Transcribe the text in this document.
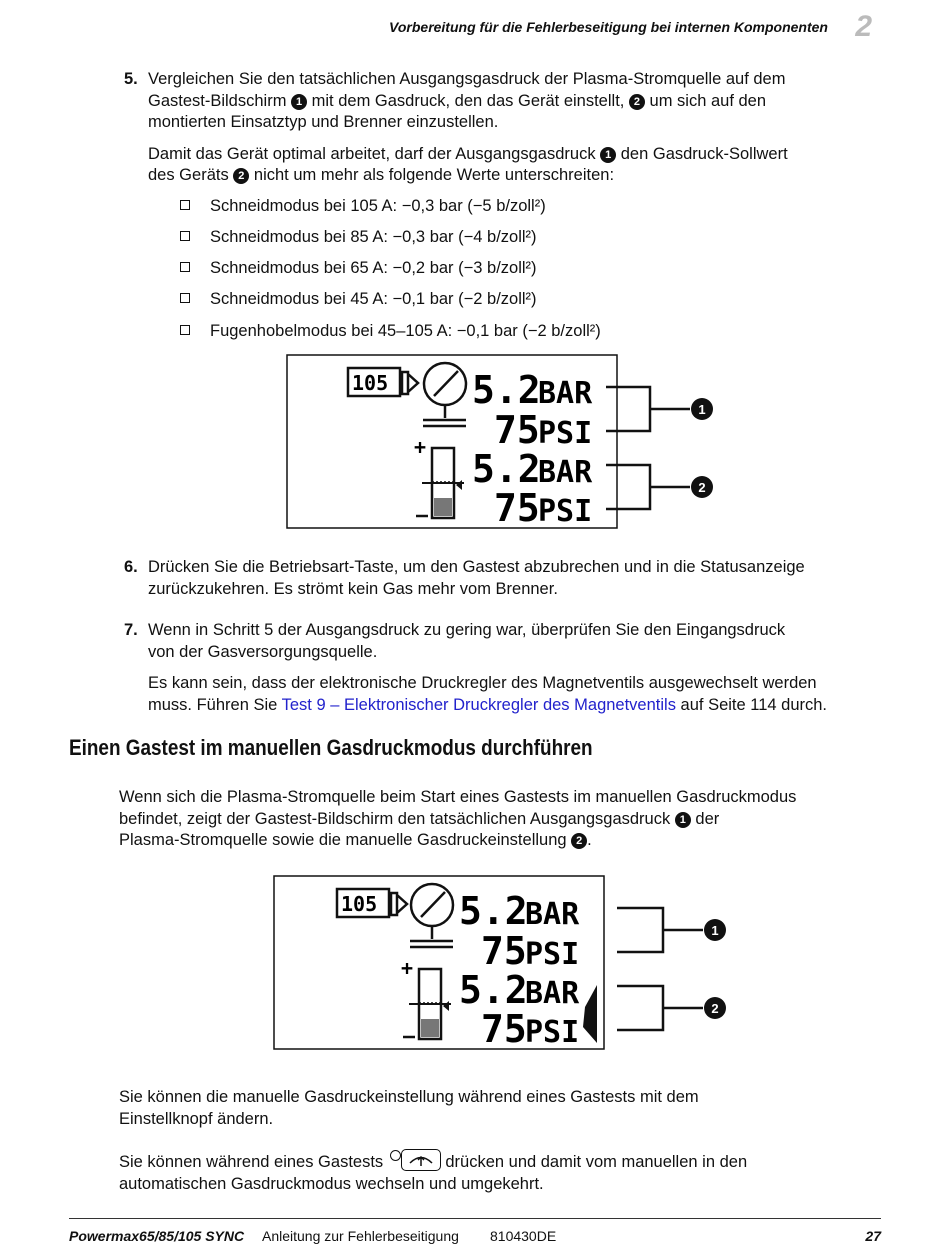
Vorbereitung für die Fehlerbeseitigung bei internen Komponenten 2
5. Vergleichen Sie den tatsächlichen Ausgangsgasdruck der Plasma-Stromquelle auf dem
Gastest-Bildschirm 1 mit dem Gasdruck, den das Gerät einstellt, 2 um sich auf den
montierten Einsatztyp und Brenner einzustellen.
Damit das Gerät optimal arbeitet, darf der Ausgangsgasdruck 1 den Gasdruck-Sollwert
des Geräts 2 nicht um mehr als folgende Werte unterschreiten:
Schneidmodus bei 105 A: −0,3 bar (−5 b/zoll²)
Schneidmodus bei 85 A: −0,3 bar (−4 b/zoll²)
Schneidmodus bei 65 A: −0,2 bar (−3 b/zoll²)
Schneidmodus bei 45 A: −0,1 bar (−2 b/zoll²)
Fugenhobelmodus bei 45–105 A: −0,1 bar (−2 b/zoll²)
105 5.2
BAR
75
PSI
+ 5.2
BAR
75
PSI
1
2
6. Drücken Sie die Betriebsart-Taste, um den Gastest abzubrechen und in die Statusanzeige
zurückzukehren. Es strömt kein Gas mehr vom Brenner.
7. Wenn in Schritt 5 der Ausgangsdruck zu gering war, überprüfen Sie den Eingangsdruck
von der Gasversorgungsquelle.
Es kann sein, dass der elektronische Druckregler des Magnetventils ausgewechselt werden
muss. Führen Sie Test 9 – Elektronischer Druckregler des Magnetventils auf Seite 114 durch.
Einen Gastest im manuellen Gasdruckmodus durchführen
Wenn sich die Plasma-Stromquelle beim Start eines Gastests im manuellen Gasdruckmodus
befindet, zeigt der Gastest-Bildschirm den tatsächlichen Ausgangsgasdruck 1 der
Plasma-Stromquelle sowie die manuelle Gasdruckeinstellung 2 .
105 5.2
BAR
75
PSI
+ 5.2
BAR
75
PSI
1
2
Sie können die manuelle Gasdruckeinstellung während eines Gastests mit dem
Einstellknopf ändern.
Sie können während eines Gastests	drücken und damit vom manuellen in den
automatischen Gasdruckmodus wechseln und umgekehrt.
Powermax65/85/105 SYNC Anleitung zur Fehlerbeseitigung 810430DE	27
